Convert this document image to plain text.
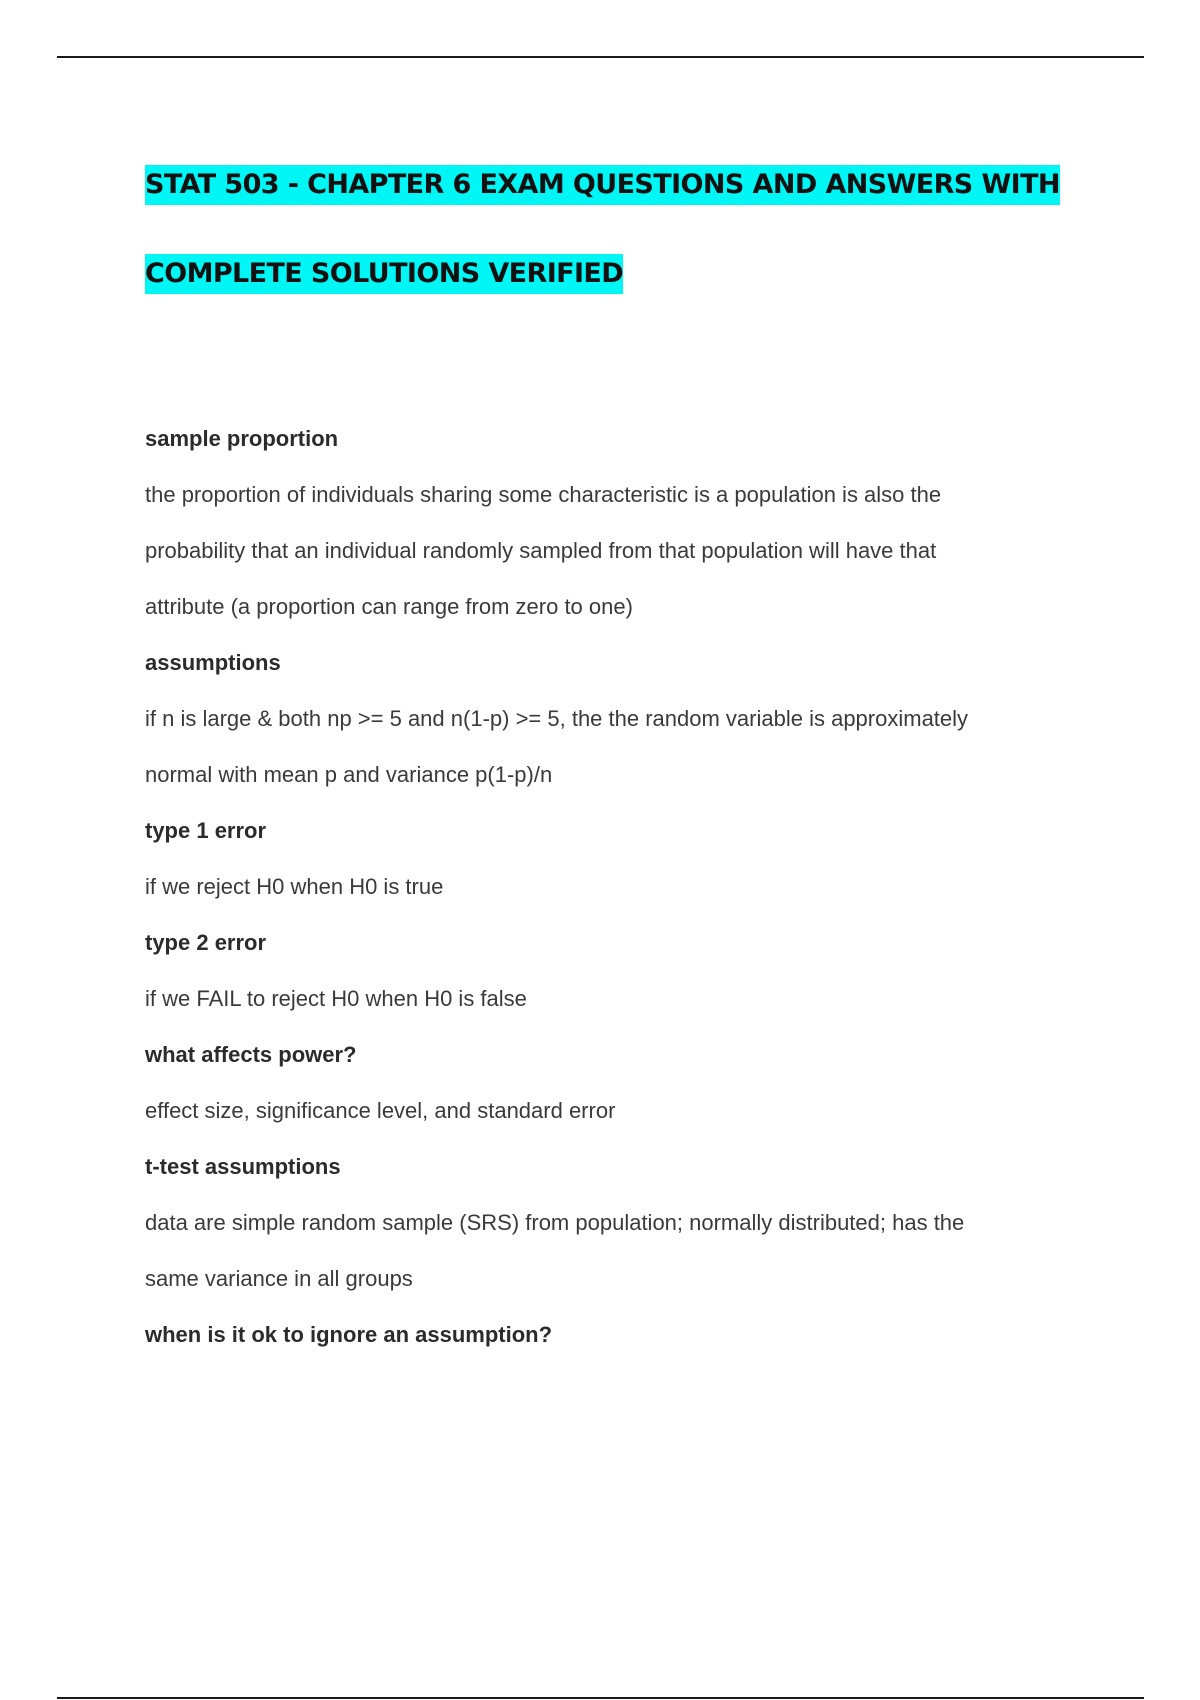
STAT 503 - CHAPTER 6 EXAM QUESTIONS AND ANSWERS WITH
COMPLETE SOLUTIONS VERIFIED
sample proportion
the proportion of individuals sharing some characteristic is a population is also the
probability that an individual randomly sampled from that population will have that
attribute (a proportion can range from zero to one)
assumptions
if n is large & both np >= 5 and n(1-p) >= 5, the the random variable is approximately
normal with mean p and variance p(1-p)/n
type 1 error
if we reject H0 when H0 is true
type 2 error
if we FAIL to reject H0 when H0 is false
what affects power?
effect size, significance level, and standard error
t-test assumptions
data are simple random sample (SRS) from population; normally distributed; has the
same variance in all groups
when is it ok to ignore an assumption?
